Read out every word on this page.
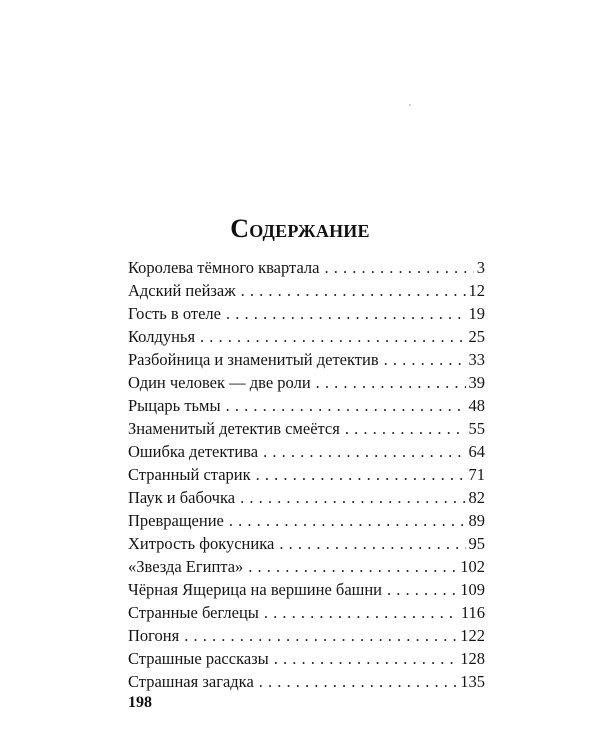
Содержание
Королева тёмного квартала . . .	3
Адский пейзаж . . .	12
Гость в отеле . . .	19
Колдунья . . .	25
Разбойница и знаменитый детектив . . .	33
Один человек — две роли . . .	39
Рыцарь тьмы . . .	48
Знаменитый детектив смеётся . . .	55
Ошибка детектива . . .	64
Странный старик . . .	71
Паук и бабочка . . .	82
Превращение . . .	89
Хитрость фокусника . . .	95
«Звезда Египта» . . .	102
Чёрная Ящерица на вершине башни . . .	109
Странные беглецы . . .	116
Погоня . . .	122
Страшные рассказы . . .	128
Страшная загадка . . .	135
198
